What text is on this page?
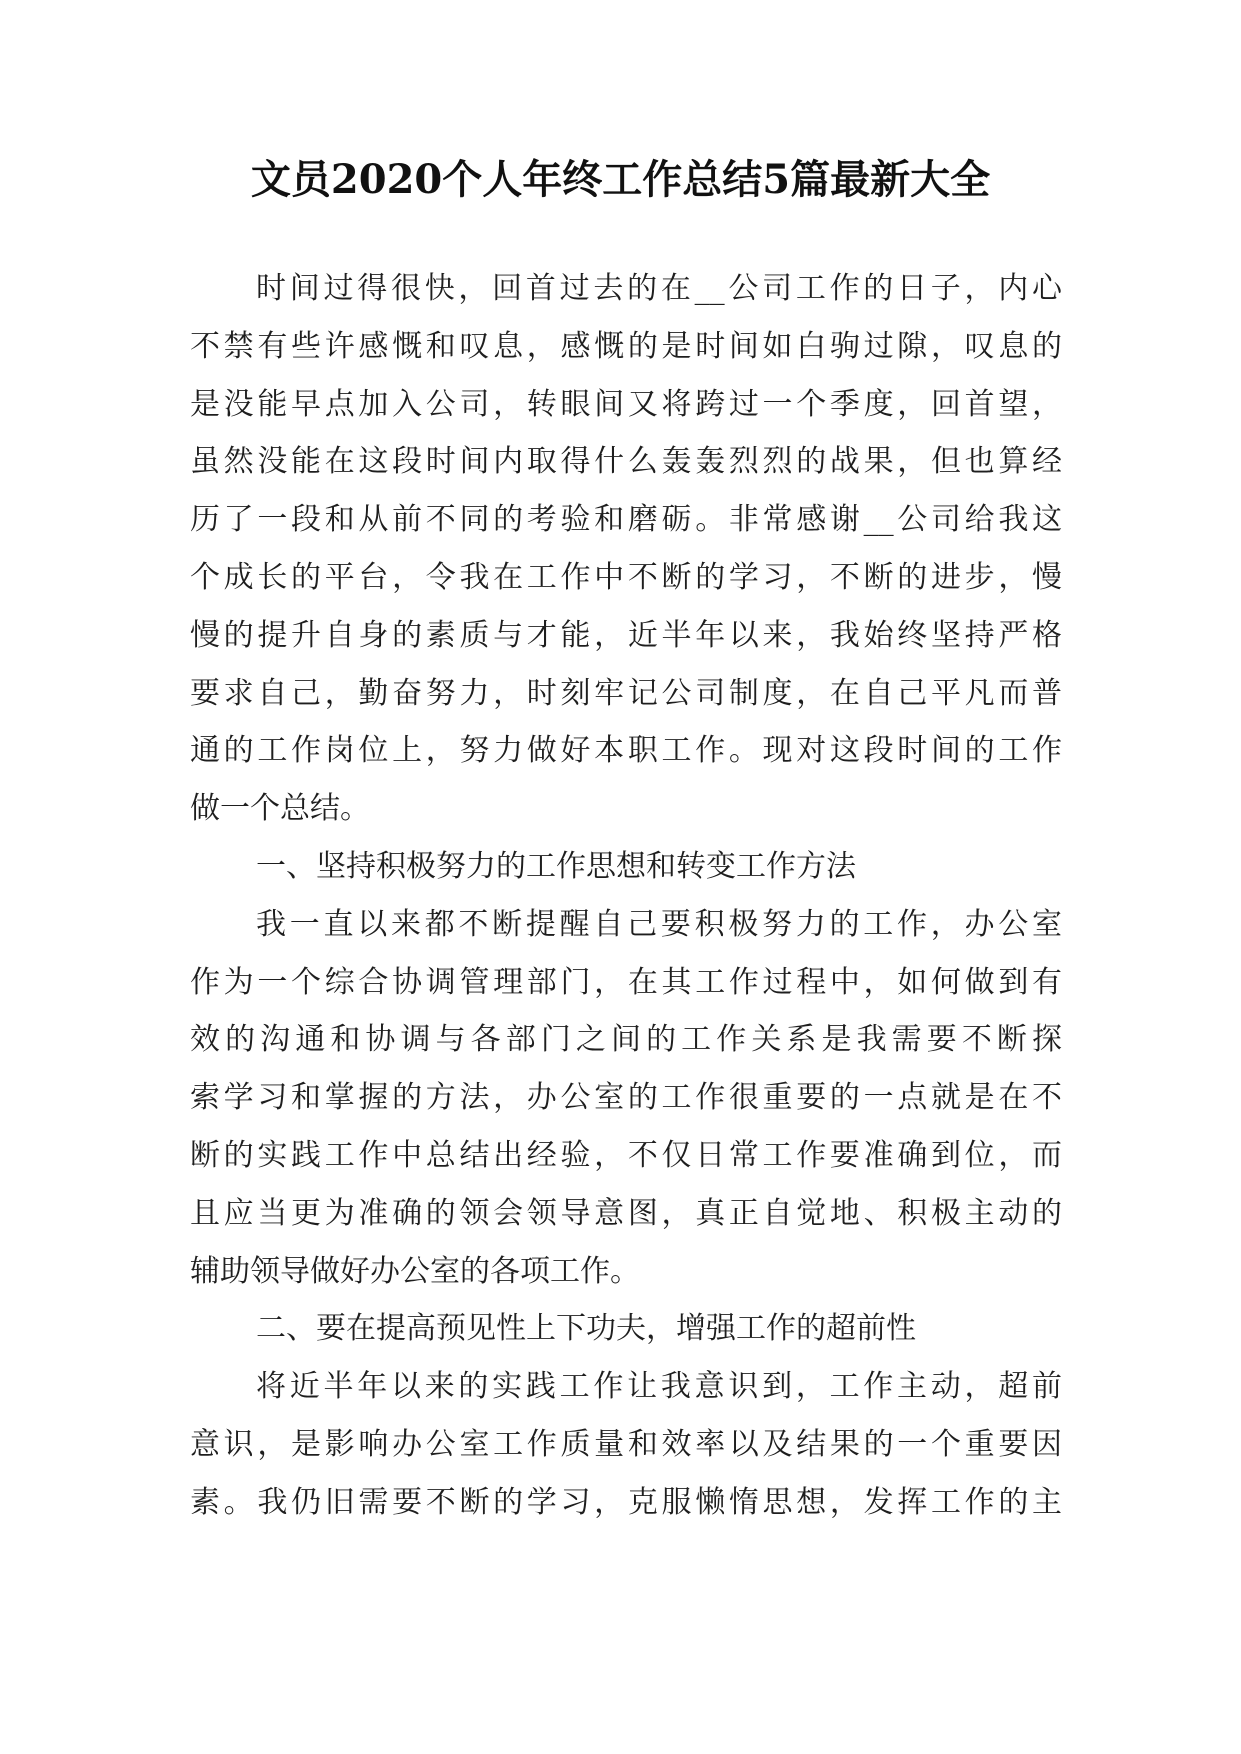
文员2020个人年终工作总结5篇最新大全
时间过得很快，回首过去的在__公司工作的日子，内心
不禁有些许感慨和叹息，感慨的是时间如白驹过隙，叹息的
是没能早点加入公司，转眼间又将跨过一个季度，回首望，
虽然没能在这段时间内取得什么轰轰烈烈的战果，但也算经
历了一段和从前不同的考验和磨砺。非常感谢__公司给我这
个成长的平台，令我在工作中不断的学习，不断的进步，慢
慢的提升自身的素质与才能，近半年以来，我始终坚持严格
要求自己，勤奋努力，时刻牢记公司制度，在自己平凡而普
通的工作岗位上，努力做好本职工作。现对这段时间的工作
做一个总结。
一、坚持积极努力的工作思想和转变工作方法
我一直以来都不断提醒自己要积极努力的工作，办公室
作为一个综合协调管理部门，在其工作过程中，如何做到有
效的沟通和协调与各部门之间的工作关系是我需要不断探
索学习和掌握的方法，办公室的工作很重要的一点就是在不
断的实践工作中总结出经验，不仅日常工作要准确到位，而
且应当更为准确的领会领导意图，真正自觉地、积极主动的
辅助领导做好办公室的各项工作。
二、要在提高预见性上下功夫，增强工作的超前性
将近半年以来的实践工作让我意识到，工作主动，超前
意识，是影响办公室工作质量和效率以及结果的一个重要因
素。我仍旧需要不断的学习，克服懒惰思想，发挥工作的主
